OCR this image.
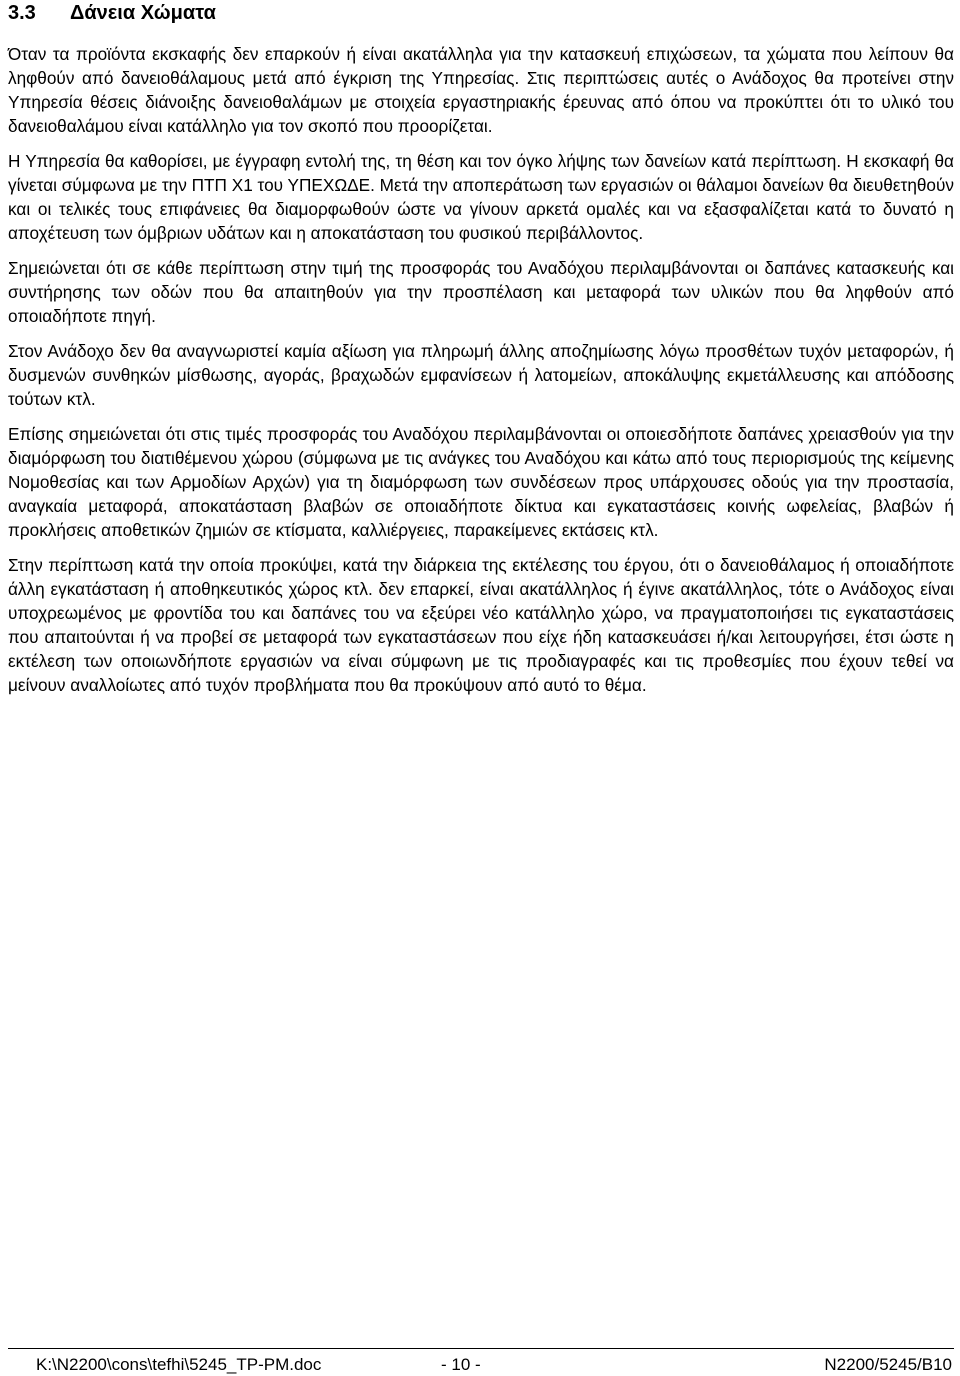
3.3 Δάνεια Χώματα

Όταν τα προϊόντα εκσκαφής δεν επαρκούν ή είναι ακατάλληλα για την κατασκευή επιχώσεων, τα χώματα που λείπουν θα ληφθούν από δανειοθάλαμους μετά από έγκριση της Υπηρεσίας. Στις περιπτώσεις αυτές ο Ανάδοχος θα προτείνει στην Υπηρεσία θέσεις διάνοιξης δανειοθαλάμων με στοιχεία εργαστηριακής έρευνας από όπου να προκύπτει ότι το υλικό του δανειοθαλάμου είναι κατάλληλο για τον σκοπό που προορίζεται.

Η Υπηρεσία θα καθορίσει, με έγγραφη εντολή της, τη θέση και τον όγκο λήψης των δανείων κατά περίπτωση. Η εκσκαφή θα γίνεται σύμφωνα με την ΠΤΠ Χ1 του ΥΠΕΧΩΔΕ. Μετά την αποπεράτωση των εργασιών οι θάλαμοι δανείων θα διευθετηθούν και οι τελικές τους επιφάνειες θα διαμορφωθούν ώστε να γίνουν αρκετά ομαλές και να εξασφαλίζεται κατά το δυνατό η αποχέτευση των όμβριων υδάτων και η αποκατάσταση του φυσικού περιβάλλοντος.

Σημειώνεται ότι σε κάθε περίπτωση στην τιμή της προσφοράς του Αναδόχου περιλαμβάνονται οι δαπάνες κατασκευής και συντήρησης των οδών που θα απαιτηθούν για την προσπέλαση και μεταφορά των υλικών που θα ληφθούν από οποιαδήποτε πηγή.

Στον Ανάδοχο δεν θα αναγνωριστεί καμία αξίωση για πληρωμή άλλης αποζημίωσης λόγω προσθέτων τυχόν μεταφορών, ή δυσμενών συνθηκών μίσθωσης, αγοράς, βραχωδών εμφανίσεων ή λατομείων, αποκάλυψης εκμετάλλευσης και απόδοσης τούτων κτλ.

Επίσης σημειώνεται ότι στις τιμές προσφοράς του Αναδόχου περιλαμβάνονται οι οποιεσδήποτε δαπάνες χρειασθούν για την διαμόρφωση του διατιθέμενου χώρου (σύμφωνα με τις ανάγκες του Αναδόχου και κάτω από τους περιορισμούς της κείμενης Νομοθεσίας και των Αρμοδίων Αρχών) για τη διαμόρφωση των συνδέσεων προς υπάρχουσες οδούς για την προστασία, αναγκαία μεταφορά, αποκατάσταση βλαβών σε οποιαδήποτε δίκτυα και εγκαταστάσεις κοινής ωφελείας, βλαβών ή προκλήσεις αποθετικών ζημιών σε κτίσματα, καλλιέργειες, παρακείμενες εκτάσεις κτλ.

Στην περίπτωση κατά την οποία προκύψει, κατά την διάρκεια της εκτέλεσης του έργου, ότι ο δανειοθάλαμος ή οποιαδήποτε άλλη εγκατάσταση ή αποθηκευτικός χώρος κτλ. δεν επαρκεί, είναι ακατάλληλος ή έγινε ακατάλληλος, τότε ο Ανάδοχος είναι υποχρεωμένος με φροντίδα του και δαπάνες του να εξεύρει νέο κατάλληλο χώρο, να πραγματοποιήσει τις εγκαταστάσεις που απαιτούνται ή να προβεί σε μεταφορά των εγκαταστάσεων που είχε ήδη κατασκευάσει ή/και λειτουργήσει, έτσι ώστε η εκτέλεση των οποιωνδήποτε εργασιών να είναι σύμφωνη με τις προδιαγραφές και τις προθεσμίες που έχουν τεθεί να μείνουν αναλλοίωτες από τυχόν προβλήματα που θα προκύψουν από αυτό το θέμα.

K:\N2200\cons\tefhi\5245_TP-PM.doc	- 10 -	N2200/5245/B10
